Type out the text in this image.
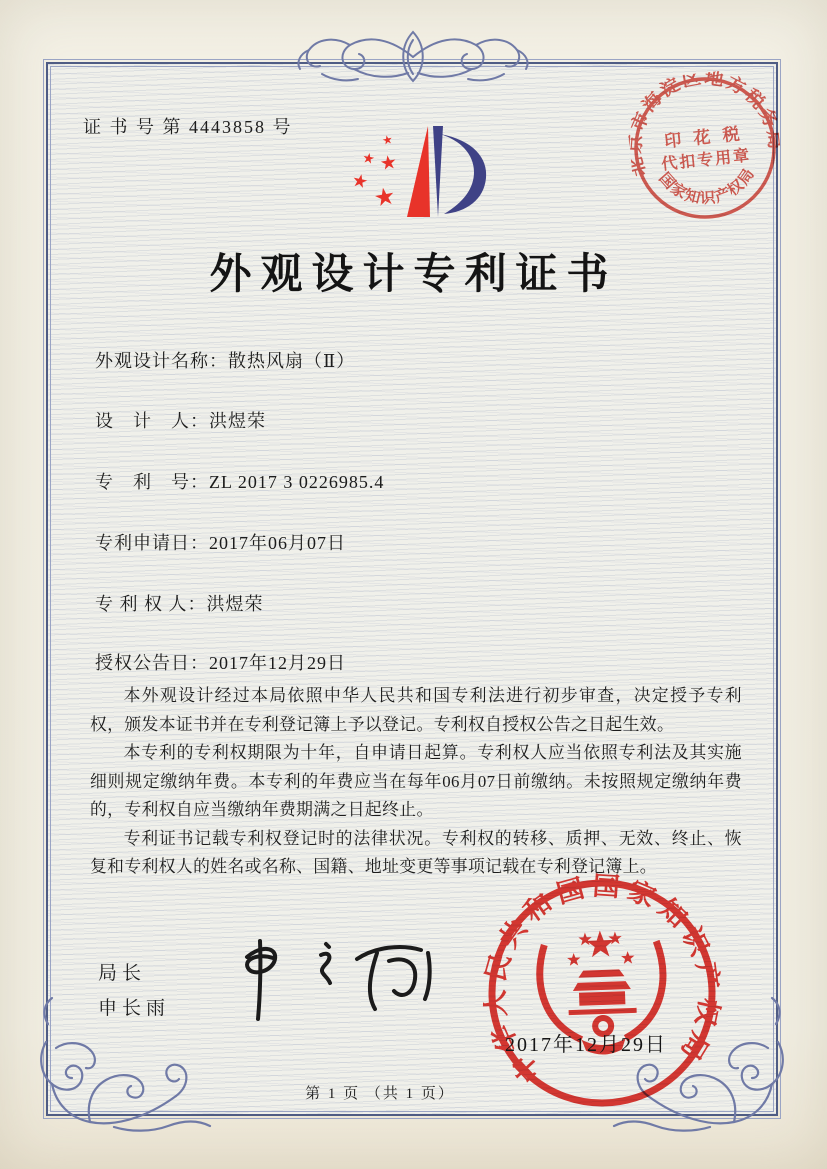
证 书 号 第 4443858 号
★
★ ★
★
★
北京市海淀区地方税务局
印 花 税
代扣专用章
国家知识产权局
外观设计专利证书
外观设计名称：散热风扇（Ⅱ）
设　计　人：洪煜荣
专　利　号：ZL 2017 3 0226985.4
专利申请日：2017年06月07日
专 利 权 人：洪煜荣
授权公告日：2017年12月29日

本外观设计经过本局依照中华人民共和国专利法进行初步审查，决定授予专利权，颁发本证书并在专利登记簿上予以登记。专利权自授权公告之日起生效。

本专利的专利权期限为十年，自申请日起算。专利权人应当依照专利法及其实施细则规定缴纳年费。本专利的年费应当在每年06月07日前缴纳。未按照规定缴纳年费的，专利权自应当缴纳年费期满之日起终止。

专利证书记载专利权登记时的法律状况。专利权的转移、质押、无效、终止、恢复和专利权人的姓名或名称、国籍、地址变更等事项记载在专利登记簿上。

局长
申长雨
中华人民共和国国家知识产权局
2017年12月29日
第 1 页 （共 1 页）
